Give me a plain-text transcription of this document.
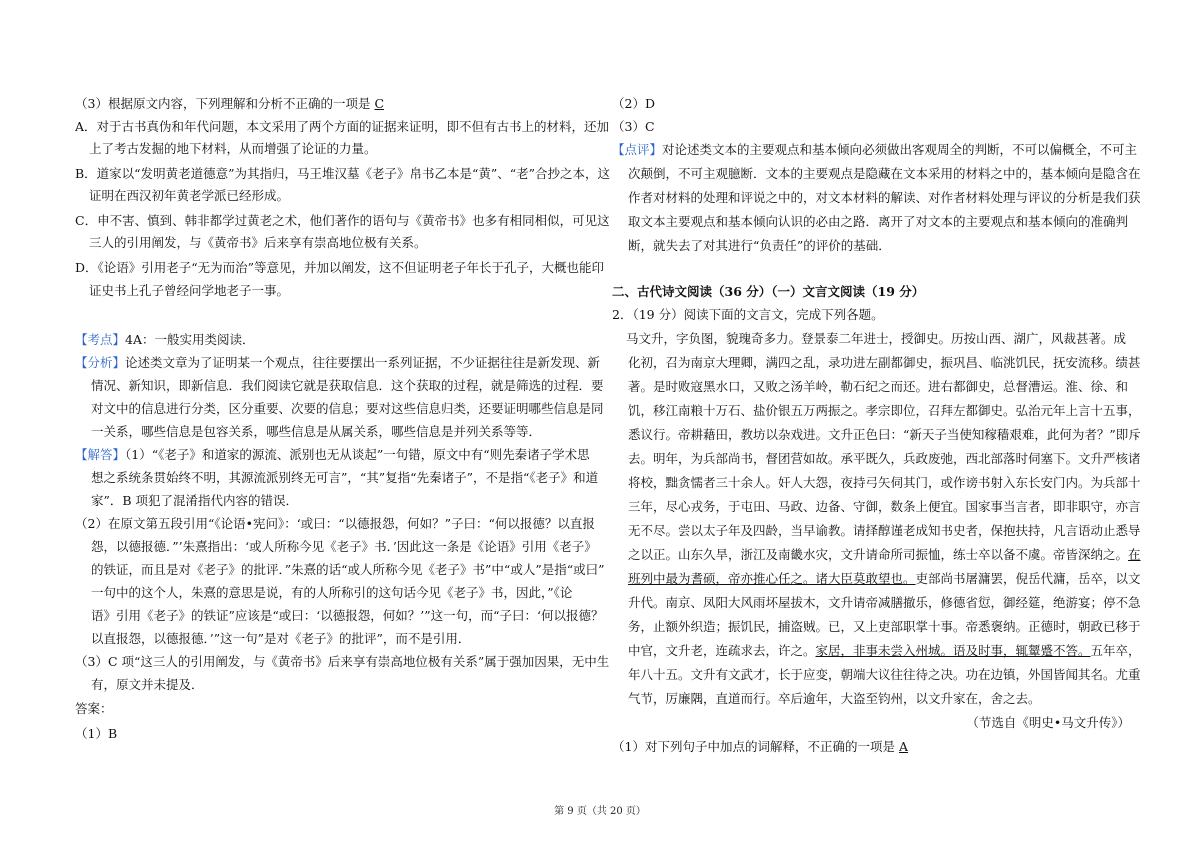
（3）根据原文内容，下列理解和分析不正确的一项是 C
A．对于古书真伪和年代问题，本文采用了两个方面的证据来证明，即不但有古书上的材料，还加
上了考古发掘的地下材料，从而增强了论证的力量。
B．道家以“发明黄老道德意”为其指归，马王堆汉墓《老子》帛书乙本是“黄”、“老”合抄之本，这
证明在西汉初年黄老学派已经形成。
C．申不害、慎到、韩非都学过黄老之术，他们著作的语句与《黄帝书》也多有相同相似，可见这
三人的引用阐发，与《黄帝书》后来享有崇高地位极有关系。
D．《论语》引用老子“无为而治”等意见，并加以阐发，这不但证明老子年长于孔子，大概也能印
证史书上孔子曾经问学地老子一事。
【考点】4A：一般实用类阅读．
【分析】论述类文章为了证明某一个观点，往往要摆出一系列证据，不少证据往往是新发现、新
情况、新知识，即新信息．我们阅读它就是获取信息．这个获取的过程，就是筛选的过程．要
对文中的信息进行分类，区分重要、次要的信息；要对这些信息归类，还要证明哪些信息是同
一关系，哪些信息是包容关系，哪些信息是从属关系，哪些信息是并列关系等等．
【解答】（1）“《老子》和道家的源流、派别也无从谈起”一句错，原文中有“则先秦诸子学术思
想之系统条贯始终不明，其源流派别终无可言”，“其”复指“先秦诸子”，不是指“《老子》和道
家”．B 项犯了混淆指代内容的错误．
（2）在原文第五段引用“《论语•宪问》：‘或曰：“以德报怨，何如？”子曰：“何以报德？以直报
怨，以德报德．”’朱熹指出：‘或人所称今见《老子》书．’因此这一条是《论语》引用《老子》
的铁证，而且是对《老子》的批评．”朱熹的话“或人所称今见《老子》书”中“或人”是指“或曰”
一句中的这个人，朱熹的意思是说，有的人所称引的这句话今见《老子》书，因此，”《论
语》引用《老子》的铁证”应该是“或曰：‘以德报怨，何如？’”这一句，而“子曰：‘何以报德？
以直报怨，以德报德．’”这一句”是对《老子》的批评”，而不是引用．
（3）C 项“这三人的引用阐发，与《黄帝书》后来享有崇高地位极有关系”属于强加因果，无中生
有，原文并未提及．
答案：
（1）B
（2）D
（3）C
【点评】对论述类文本的主要观点和基本倾向必须做出客观周全的判断，不可以偏概全，不可主
次颠倒，不可主观臆断．文本的主要观点是隐藏在文本采用的材料之中的，基本倾向是隐含在
作者对材料的处理和评说之中的，对文本材料的解读、对作者材料处理与评议的分析是我们获
取文本主要观点和基本倾向认识的必由之路．离开了对文本的主要观点和基本倾向的准确判
断，就失去了对其进行“负责任”的评价的基础．
二、古代诗文阅读（36 分）（一）文言文阅读（19 分）
2．（19 分）阅读下面的文言文，完成下列各题。
马文升，字负图，貌瑰奇多力。登景泰二年进士，授御史。历按山西、湖广，风裁甚著。成
化初，召为南京大理卿，满四之乱，录功进左副都御史，振巩昌、临洮饥民，抚安流移。绩甚
著。是时败寇黑水口，又败之汤羊岭，勒石纪之而还。进右都御史，总督漕运。淮、徐、和
饥，移江南粮十万石、盐价银五万两振之。孝宗即位，召拜左都御史。弘治元年上言十五事，
悉议行。帝耕藉田，教坊以杂戏进。文升正色曰：“新天子当使知稼穑艰难，此何为者？”即斥
去。明年，为兵部尚书，督团营如故。承平既久，兵政废弛，西北部落时伺塞下。文升严核诸
将校，黜贪懦者三十余人。奸人大怨，夜持弓矢伺其门，或作谤书射入东长安门内。为兵部十
三年，尽心戎务，于屯田、马政、边备、守御，数条上便宜。国家事当言者，即非职守，亦言
无不尽。尝以太子年及四龄，当早谕教。请择醇谨老成知书史者，保抱扶持，凡言语动止悉导
之以正。山东久旱，浙江及南畿水灾，文升请命所司振恤，练士卒以备不虞。帝皆深纳之。在
班列中最为耆硕，帝亦推心任之。诸大臣莫敢望也。吏部尚书屠滽罢，倪岳代滽，岳卒，以文
升代。南京、凤阳大风雨坏屋拔木，文升请帝减膳撤乐，修德省愆，御经筵，绝游宴；停不急
务，止额外织造；振饥民，捕盗贼。已，又上吏部职掌十事。帝悉褒纳。正德时，朝政已移于
中官，文升老，连疏求去，许之。家居，非事未尝入州城。语及时事，辄颦蹙不答。五年卒，
年八十五。文升有文武才，长于应变，朝端大议往往待之决。功在边镇，外国皆闻其名。尤重
气节，厉廉隅，直道而行。卒后逾年，大盗至钧州，以文升家在，舍之去。
（节选自《明史•马文升传》）
（1）对下列句子中加点的词解释，不正确的一项是 A
第 9 页（共 20 页）
